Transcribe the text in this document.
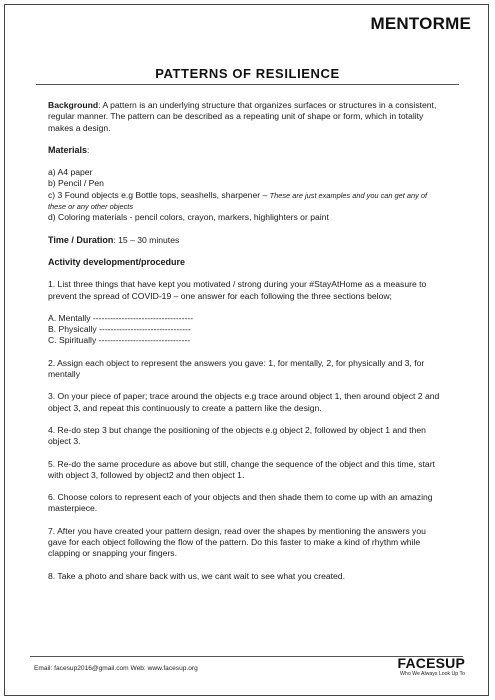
MENTORME
PATTERNS OF RESILIENCE

Background: A pattern is an underlying structure that organizes surfaces or structures in a consistent, regular manner. The pattern can be described as a repeating unit of shape or form, which in totality makes a design.

Materials:

a) A4 paper

b) Pencil / Pen

c) 3 Found objects e.g Bottle tops, seashells, sharpener – These are just examples and you can get any of these or any other objects

d) Coloring materials - pencil colors, crayon, markers, highlighters or paint

Time / Duration: 15 – 30 minutes

Activity development/procedure

1. List three things that have kept you motivated / strong during your #StayAtHome as a measure to prevent the spread of COVID-19 – one answer for each following the three sections below;

A. Mentally -----------------------------------

B. Physically --------------------------------

C. Spiritually --------------------------------

2. Assign each object to represent the answers you gave: 1, for mentally, 2, for physically and 3, for mentally

3. On your piece of paper; trace around the objects e.g trace around object 1, then around object 2 and object 3, and repeat this continuously to create a pattern like the design.

4. Re-do step 3 but change the positioning of the objects e.g object 2, followed by object 1 and then object 3.

5. Re-do the same procedure as above but still, change the sequence of the object and this time, start with object 3, followed by object2 and then object 1.

6. Choose colors to represent each of your objects and then shade them to come up with an amazing masterpiece.

7. After you have created your pattern design, read over the shapes by mentioning the answers you gave for each object following the flow of the pattern. Do this faster to make a kind of rhythm while clapping or snapping your fingers.

8. Take a photo and share back with us, we cant wait to see what you created.

Email: facesup2016@gmail.com Web: www.facesup.org	FACESUP
Who We Always Look Up To
